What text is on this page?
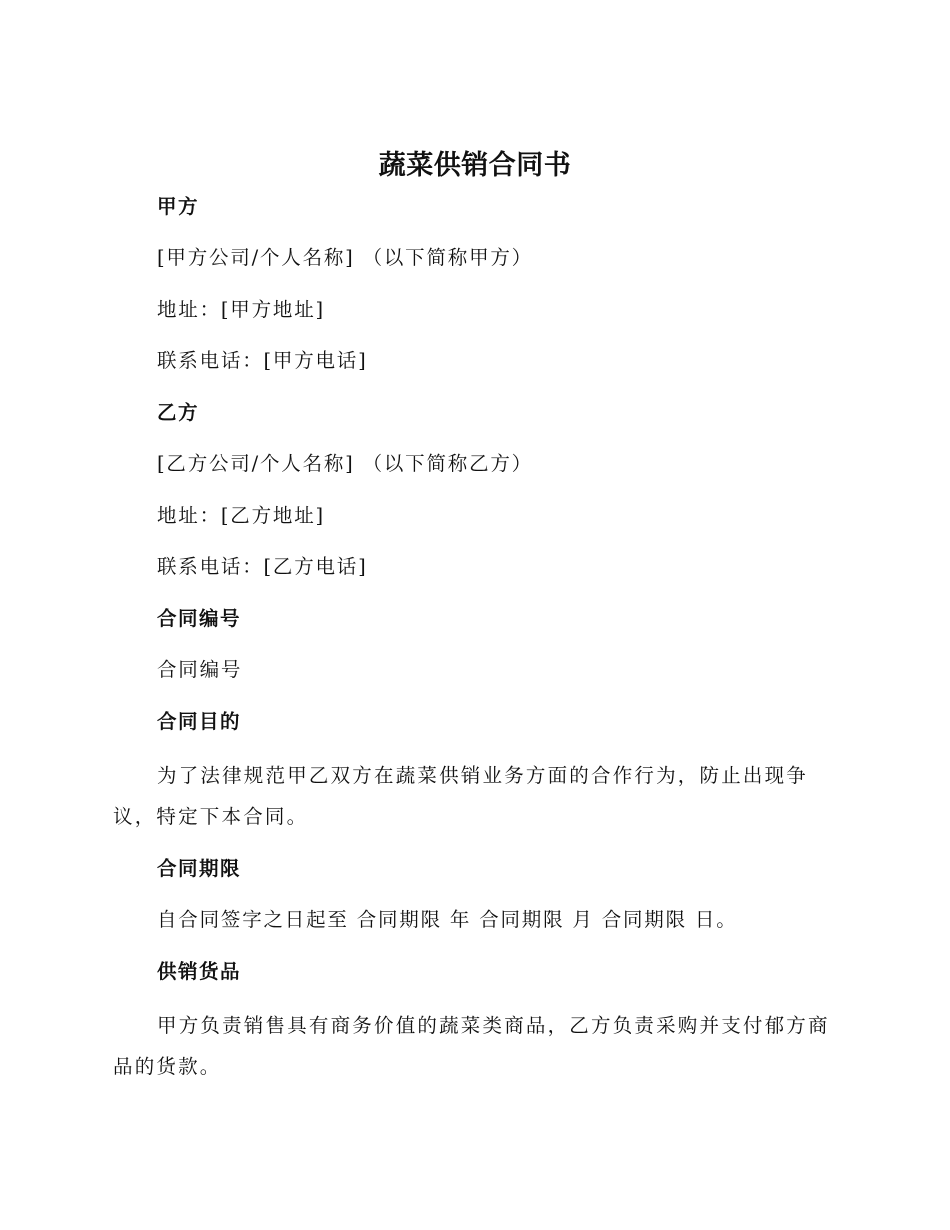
蔬菜供销合同书
甲方
[甲方公司/个人名称] （以下简称甲方）
地址：[甲方地址]
联系电话：[甲方电话]
乙方
[乙方公司/个人名称] （以下简称乙方）
地址：[乙方地址]
联系电话：[乙方电话]
合同编号
合同编号
合同目的
为了法律规范甲乙双方在蔬菜供销业务方面的合作行为，防止出现争议，特定下本合同。
合同期限
自合同签字之日起至 合同期限 年 合同期限 月 合同期限 日。
供销货品
甲方负责销售具有商务价值的蔬菜类商品，乙方负责采购并支付郁方商品的货款。
